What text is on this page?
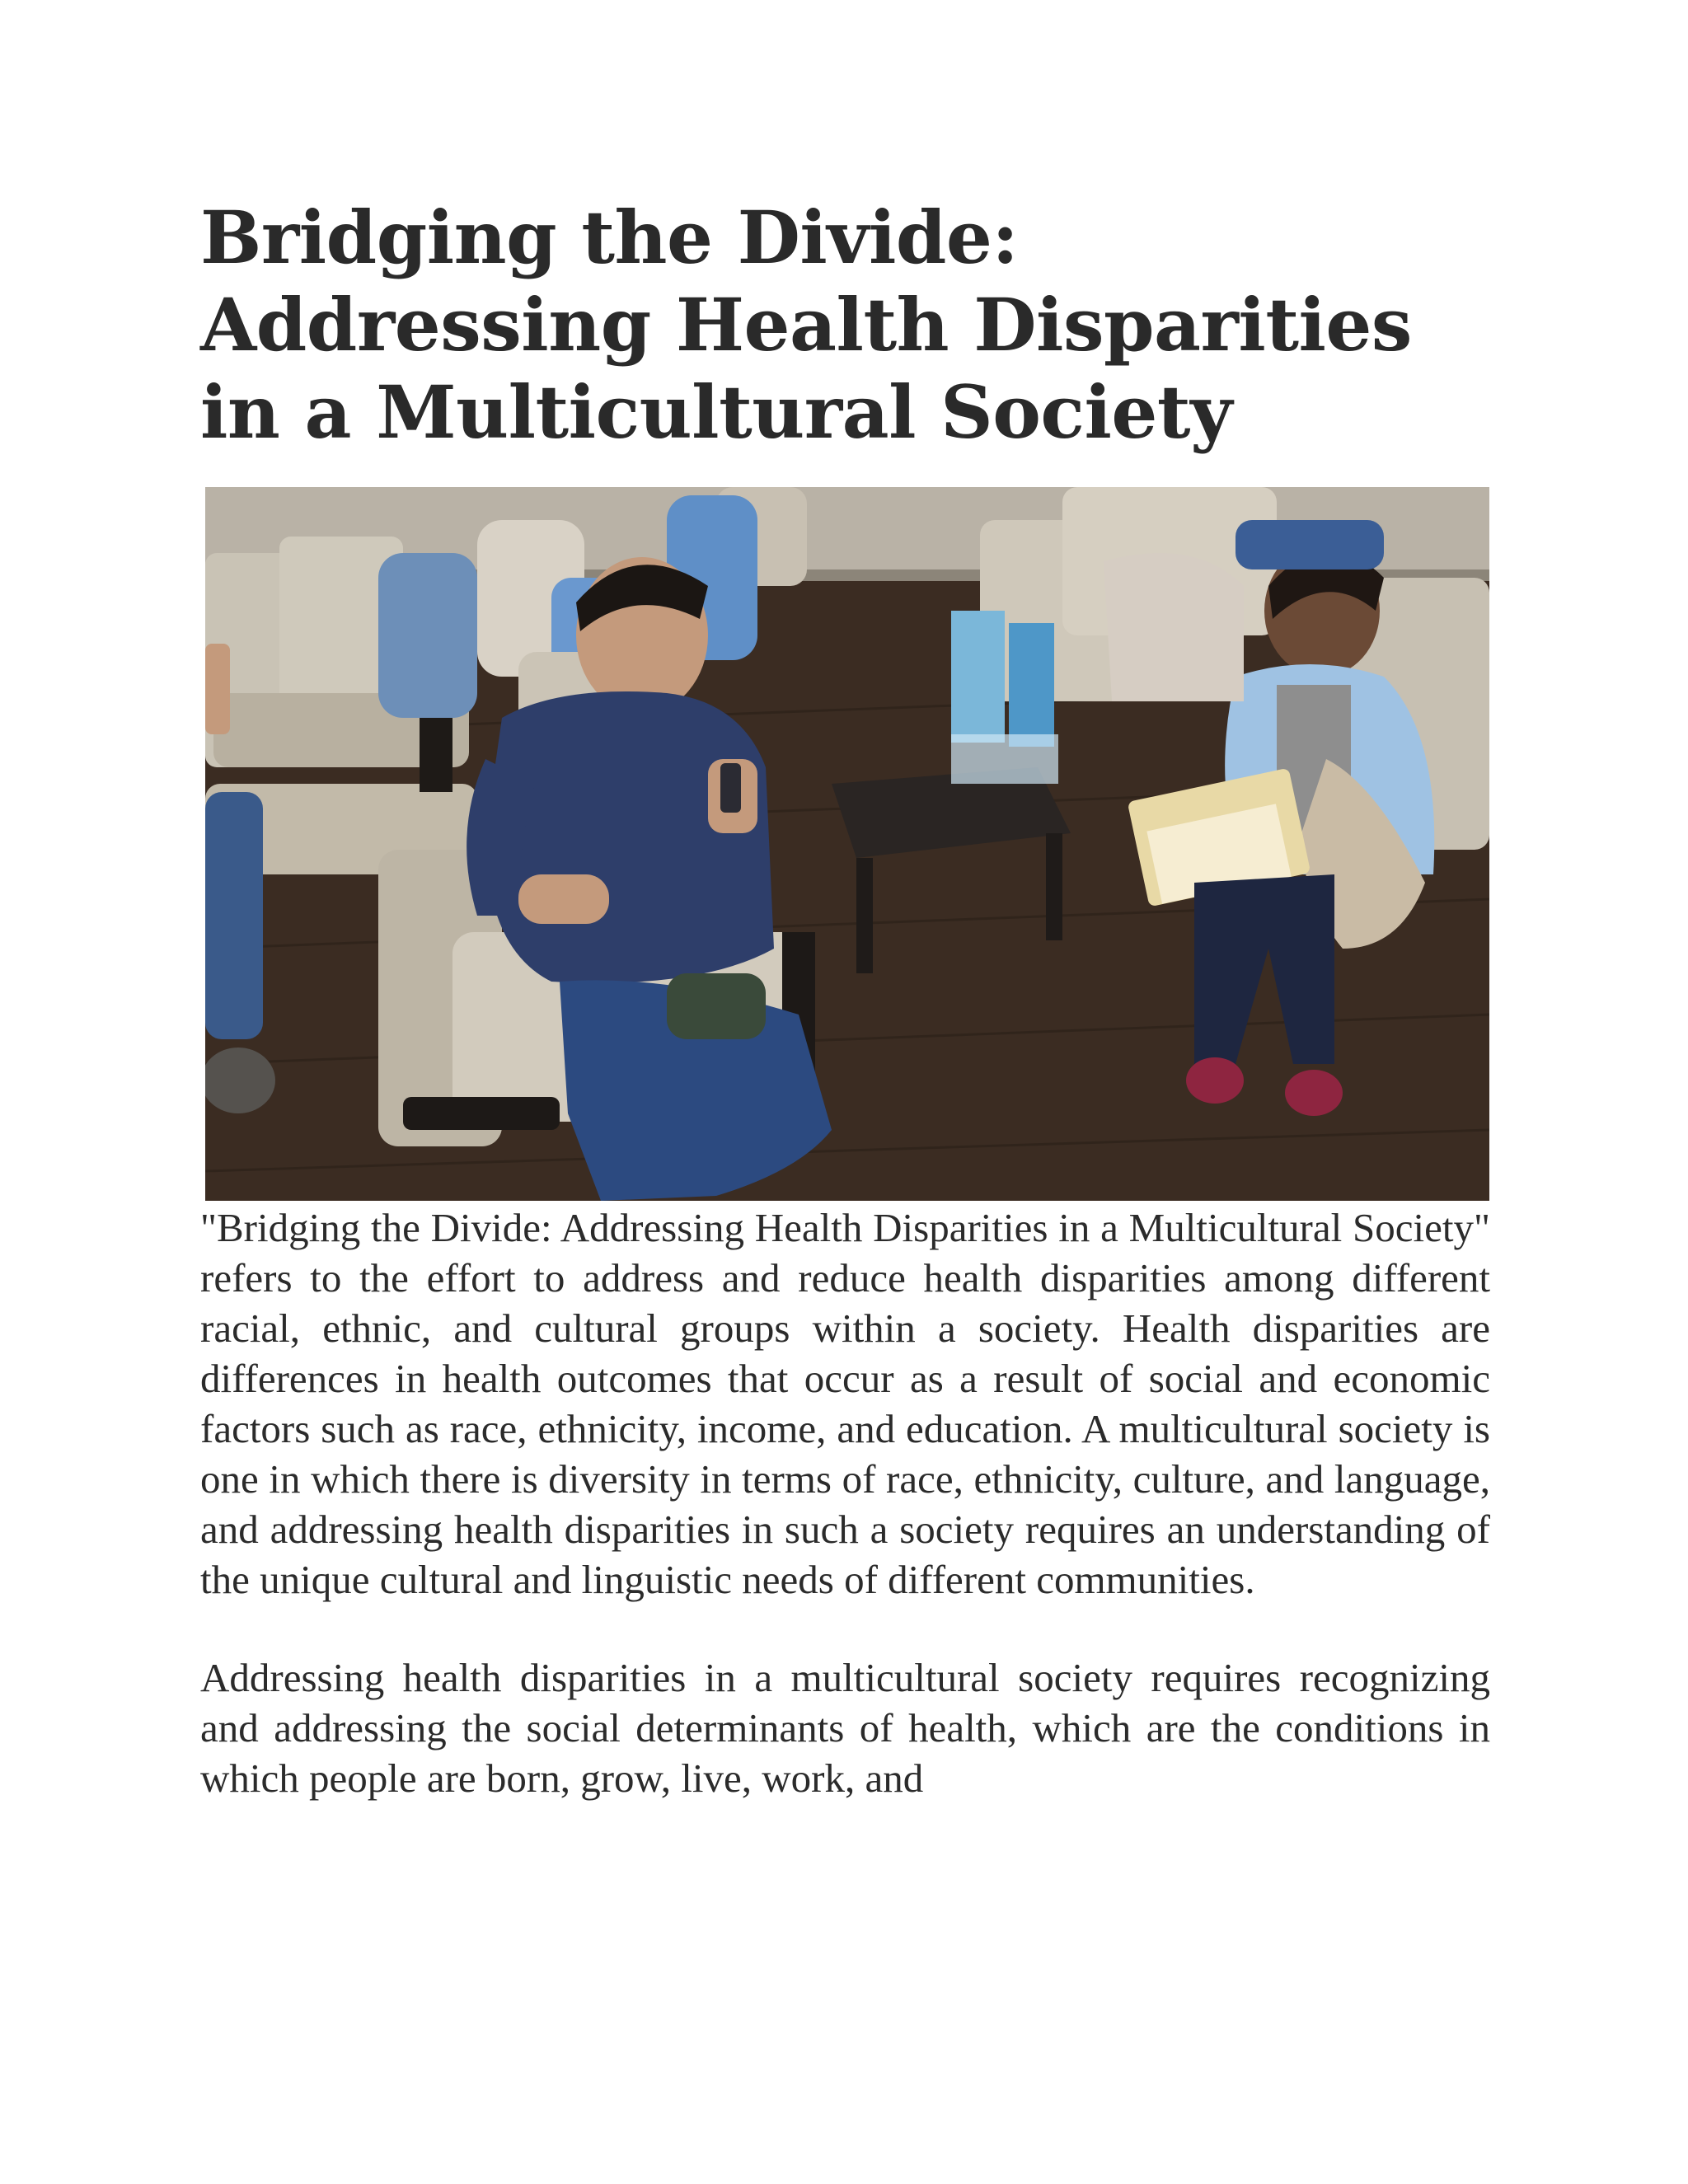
Bridging the Divide: Addressing Health Disparities in a Multicultural Society

"Bridging the Divide: Addressing Health Disparities in a Multicultural Society" refers to the effort to address and reduce health disparities among different racial, ethnic, and cultural groups within a society. Health disparities are differences in health outcomes that occur as a result of social and economic factors such as race, ethnicity, income, and education. A multicultural society is one in which there is diversity in terms of race, ethnicity, culture, and language, and addressing health disparities in such a society requires an understanding of the unique cultural and linguistic needs of different communities.

Addressing health disparities in a multicultural society requires recognizing and addressing the social determinants of health, which are the conditions in which people are born, grow, live, work, and
